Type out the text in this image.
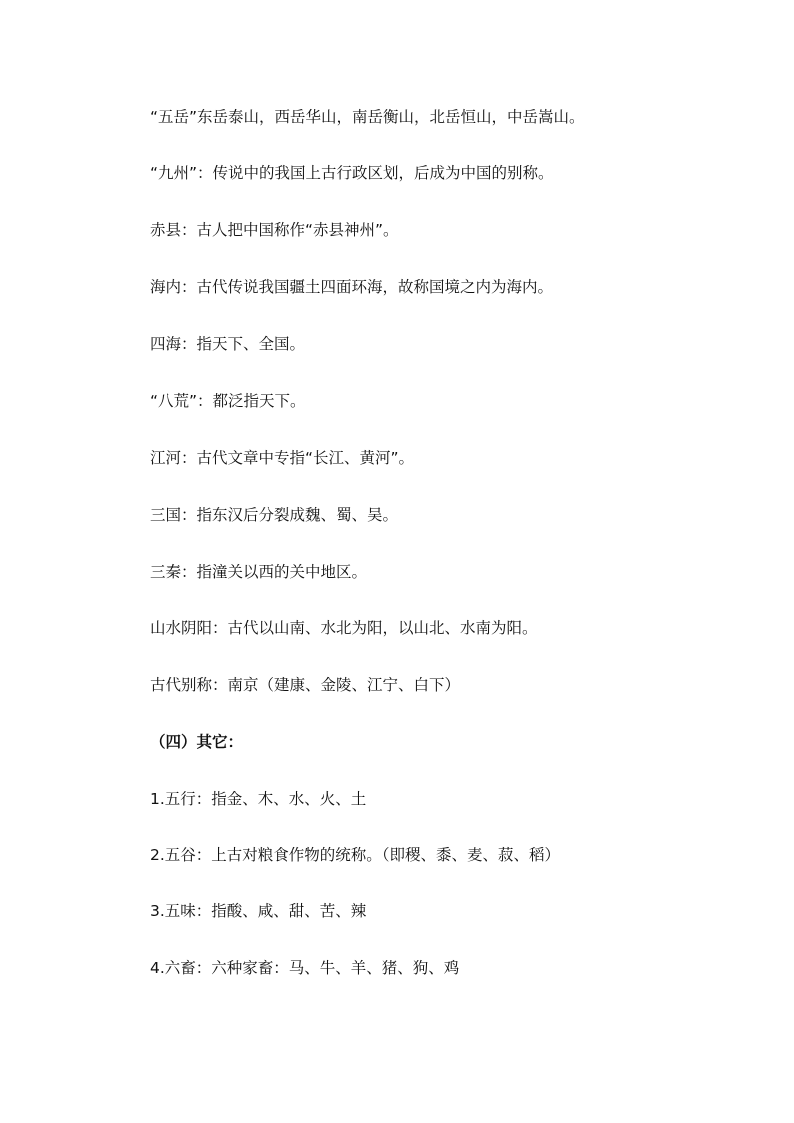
“五岳”东岳泰山，西岳华山，南岳衡山，北岳恒山，中岳嵩山。
“九州”：传说中的我国上古行政区划，后成为中国的别称。
赤县：古人把中国称作“赤县神州”。
海内：古代传说我国疆土四面环海，故称国境之内为海内。
四海：指天下、全国。
“八荒”：都泛指天下。
江河：古代文章中专指“长江、黄河”。
三国：指东汉后分裂成魏、蜀、吴。
三秦：指潼关以西的关中地区。
山水阴阳：古代以山南、水北为阳，以山北、水南为阳。
古代别称：南京（建康、金陵、江宁、白下）
（四）其它：
1.五行：指金、木、水、火、土
2.五谷：上古对粮食作物的统称。（即稷、黍、麦、菽、稻）
3.五味：指酸、咸、甜、苦、辣
4.六畜：六种家畜：马、牛、羊、猪、狗、鸡
